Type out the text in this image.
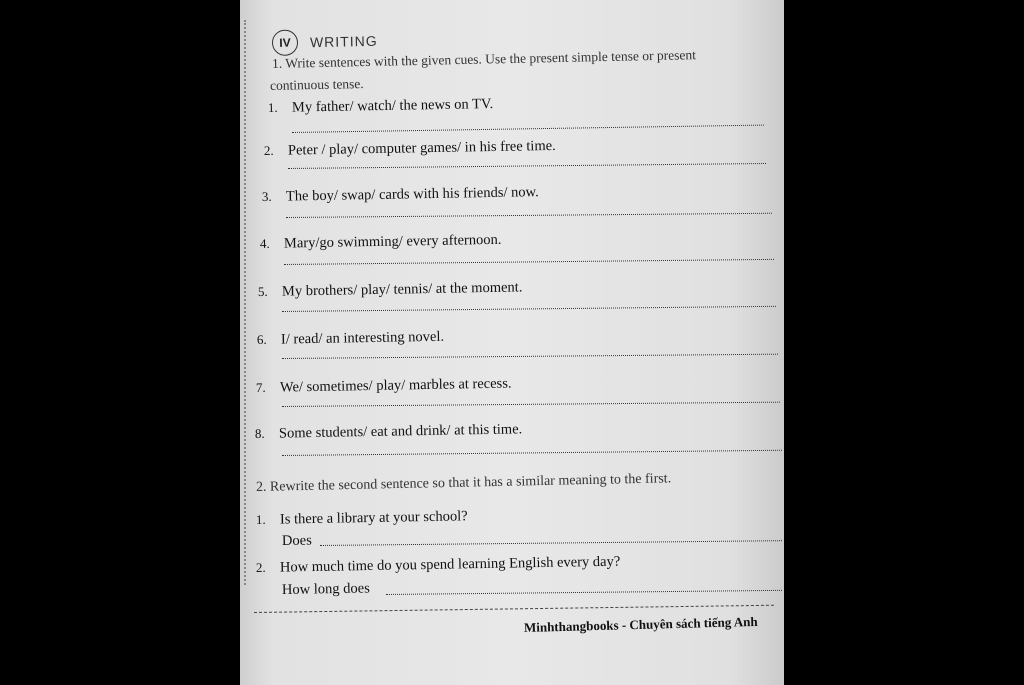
IV	WRITING
1. Write sentences with the given cues. Use the present simple tense or present
continuous tense.
1. My father/ watch/ the news on TV.
2. Peter / play/ computer games/ in his free time.
3. The boy/ swap/ cards with his friends/ now.
4. Mary/go swimming/ every afternoon.
5. My brothers/ play/ tennis/ at the moment.
6. I/ read/ an interesting novel.
7. We/ sometimes/ play/ marbles at recess.
8. Some students/ eat and drink/ at this time.
2. Rewrite the second sentence so that it has a similar meaning to the first.
1. Is there a library at your school?
Does
2. How much time do you spend learning English every day?
How long does
Minhthangbooks - Chuyên sách tiếng Anh
